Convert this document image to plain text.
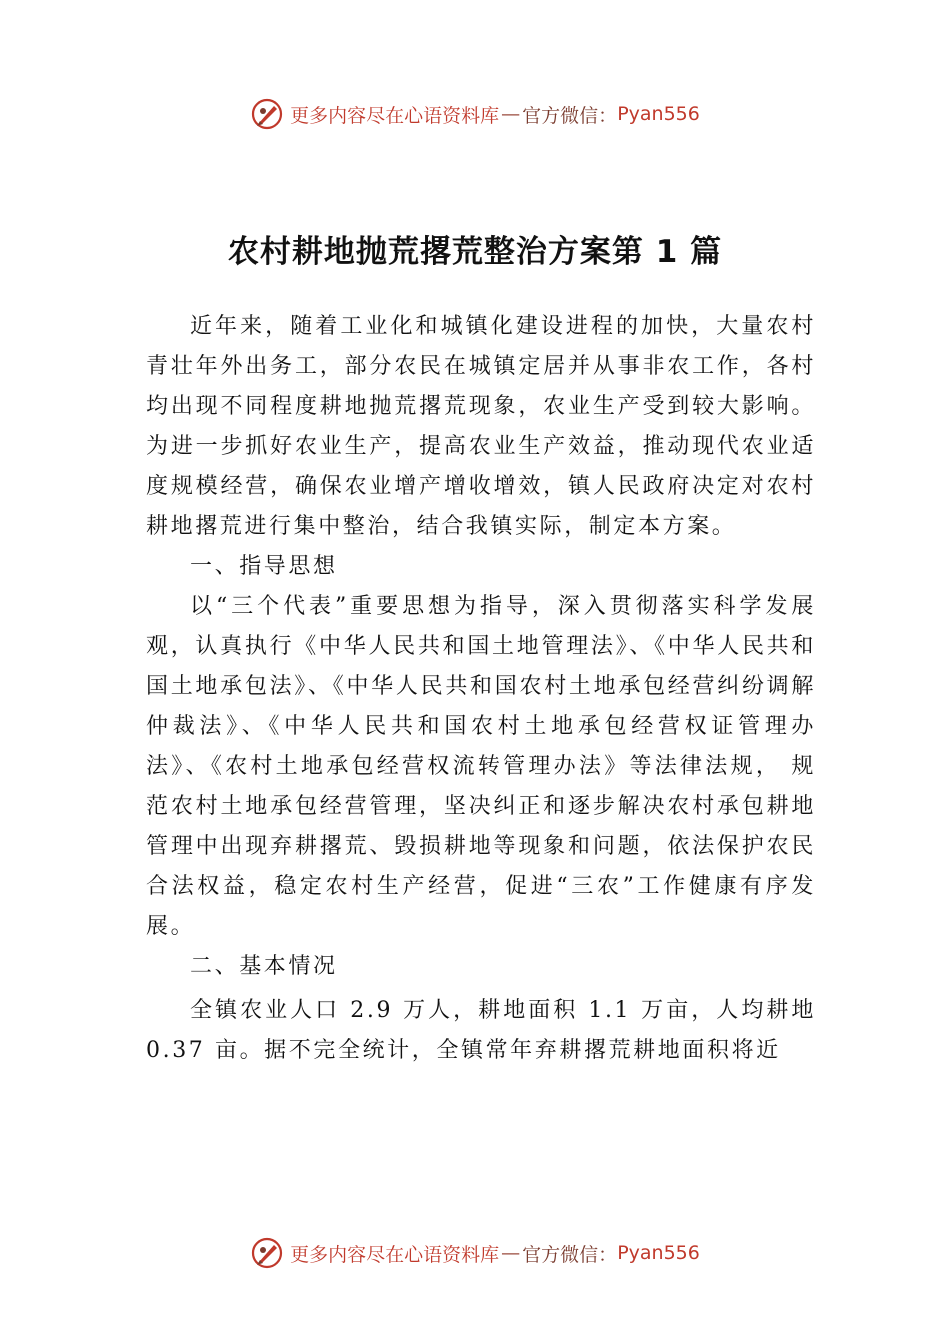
更多内容尽在心语资料库 — 官方微信： Pyan556
农村耕地抛荒撂荒整治方案第 1 篇

近年来，随着工业化和城镇化建设进程的加快，大量农村青壮年外出务工，部分农民在城镇定居并从事非农工作，各村均出现不同程度耕地抛荒撂荒现象，农业生产受到较大影响。为进一步抓好农业生产，提高农业生产效益，推动现代农业适度规模经营，确保农业增产增收增效，镇人民政府决定对农村耕地撂荒进行集中整治，结合我镇实际，制定本方案。

一、指导思想

以“三个代表”重要思想为指导，深入贯彻落实科学发展观，认真执行《中华人民共和国土地管理法》、《中华人民共和国土地承包法》、《中华人民共和国农村土地承包经营纠纷调解仲裁法》、《中华人民共和国农村土地承包经营权证管理办法》、《农村土地承包经营权流转管理办法》等法律法规， 规范农村土地承包经营管理，坚决纠正和逐步解决农村承包耕地管理中出现弃耕撂荒、毁损耕地等现象和问题，依法保护农民合法权益，稳定农村生产经营，促进“三农”工作健康有序发展。

二、基本情况

全镇农业人口 2.9 万人，耕地面积 1.1 万亩，人均耕地 0.37 亩。据不完全统计，全镇常年弃耕撂荒耕地面积将近

更多内容尽在心语资料库 — 官方微信： Pyan556
